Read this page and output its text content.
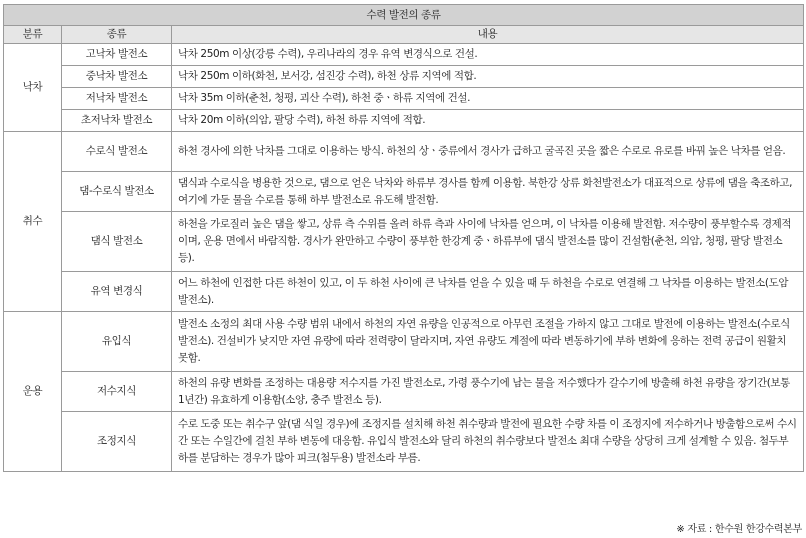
수력 발전의 종류		
분류	종류	내용
낙차	고낙차 발전소	낙차 250m 이상(강릉 수력), 우리나라의 경우 유역 변경식으로 건설.
	중낙차 발전소	낙차 250m 이하(화천, 보서강, 섬진강 수력), 하천 상류 지역에 적합.
	저낙차 발전소	낙차 35m 이하(춘천, 청평, 괴산 수력), 하천 중ㆍ하류 지역에 건설.
	초저낙차 발전소	낙차 20m 이하(의암, 팔당 수력), 하천 하류 지역에 적합.
취수	수로식 발전소	하천 경사에 의한 낙차를 그대로 이용하는 방식. 하천의 상ㆍ중류에서 경사가 급하고 굴곡진 곳을 짧은 수로로 유로를 바꿔 높은 낙차를 얻음.
	댐-수로식 발전소	댐식과 수로식을 병용한 것으로, 댐으로 얻은 낙차와 하류부 경사를 함께 이용함. 북한강 상류 화천발전소가 대표적으로 상류에 댐을 축조하고, 여기에 가둔 물을 수로를 통해 하부 발전소로 유도해 발전함.
	댐식 발전소	하천을 가로질러 높은 댐을 쌓고, 상류 측 수위를 올려 하류 측과 사이에 낙차를 얻으며, 이 낙차를 이용해 발전함. 저수량이 풍부할수록 경제적이며, 운용 면에서 바람직함. 경사가 완만하고 수량이 풍부한 한강계 중ㆍ하류부에 댐식 발전소를 많이 건설함(춘천, 의암, 청평, 팔당 발전소 등).
	유역 변경식	어느 하천에 인접한 다른 하천이 있고, 이 두 하천 사이에 큰 낙차를 얻을 수 있을 때 두 하천을 수로로 연결해 그 낙차를 이용하는 발전소(도암 발전소).
운용	유입식	발전소 소정의 최대 사용 수량 범위 내에서 하천의 자연 유량을 인공적으로 아무런 조절을 가하지 않고 그대로 발전에 이용하는 발전소(수로식 발전소). 건설비가 낮지만 자연 유량에 따라 전력량이 달라지며, 자연 유량도 계절에 따라 변동하기에 부하 변화에 응하는 전력 공급이 원활치 못함.
	저수지식	하천의 유량 변화를 조정하는 대용량 저수지를 가진 발전소로, 가령 풍수기에 남는 물을 저수했다가 갈수기에 방출해 하천 유량을 장기간(보통 1년간) 유효하게 이용함(소양, 충주 발전소 등).
	조정지식	수로 도중 또는 취수구 앞(댐 식일 경우)에 조정지를 설치해 하천 취수량과 발전에 필요한 수량 차를 이 조정지에 저수하거나 방출함으로써 수시간 또는 수일간에 걸친 부하 변동에 대응함. 유입식 발전소와 달리 하천의 취수량보다 발전소 최대 수량을 상당히 크게 설계할 수 있음. 첨두부하를 분담하는 경우가 많아 피크(첨두용) 발전소라 부름.
※ 자료 : 한수원 한강수력본부
